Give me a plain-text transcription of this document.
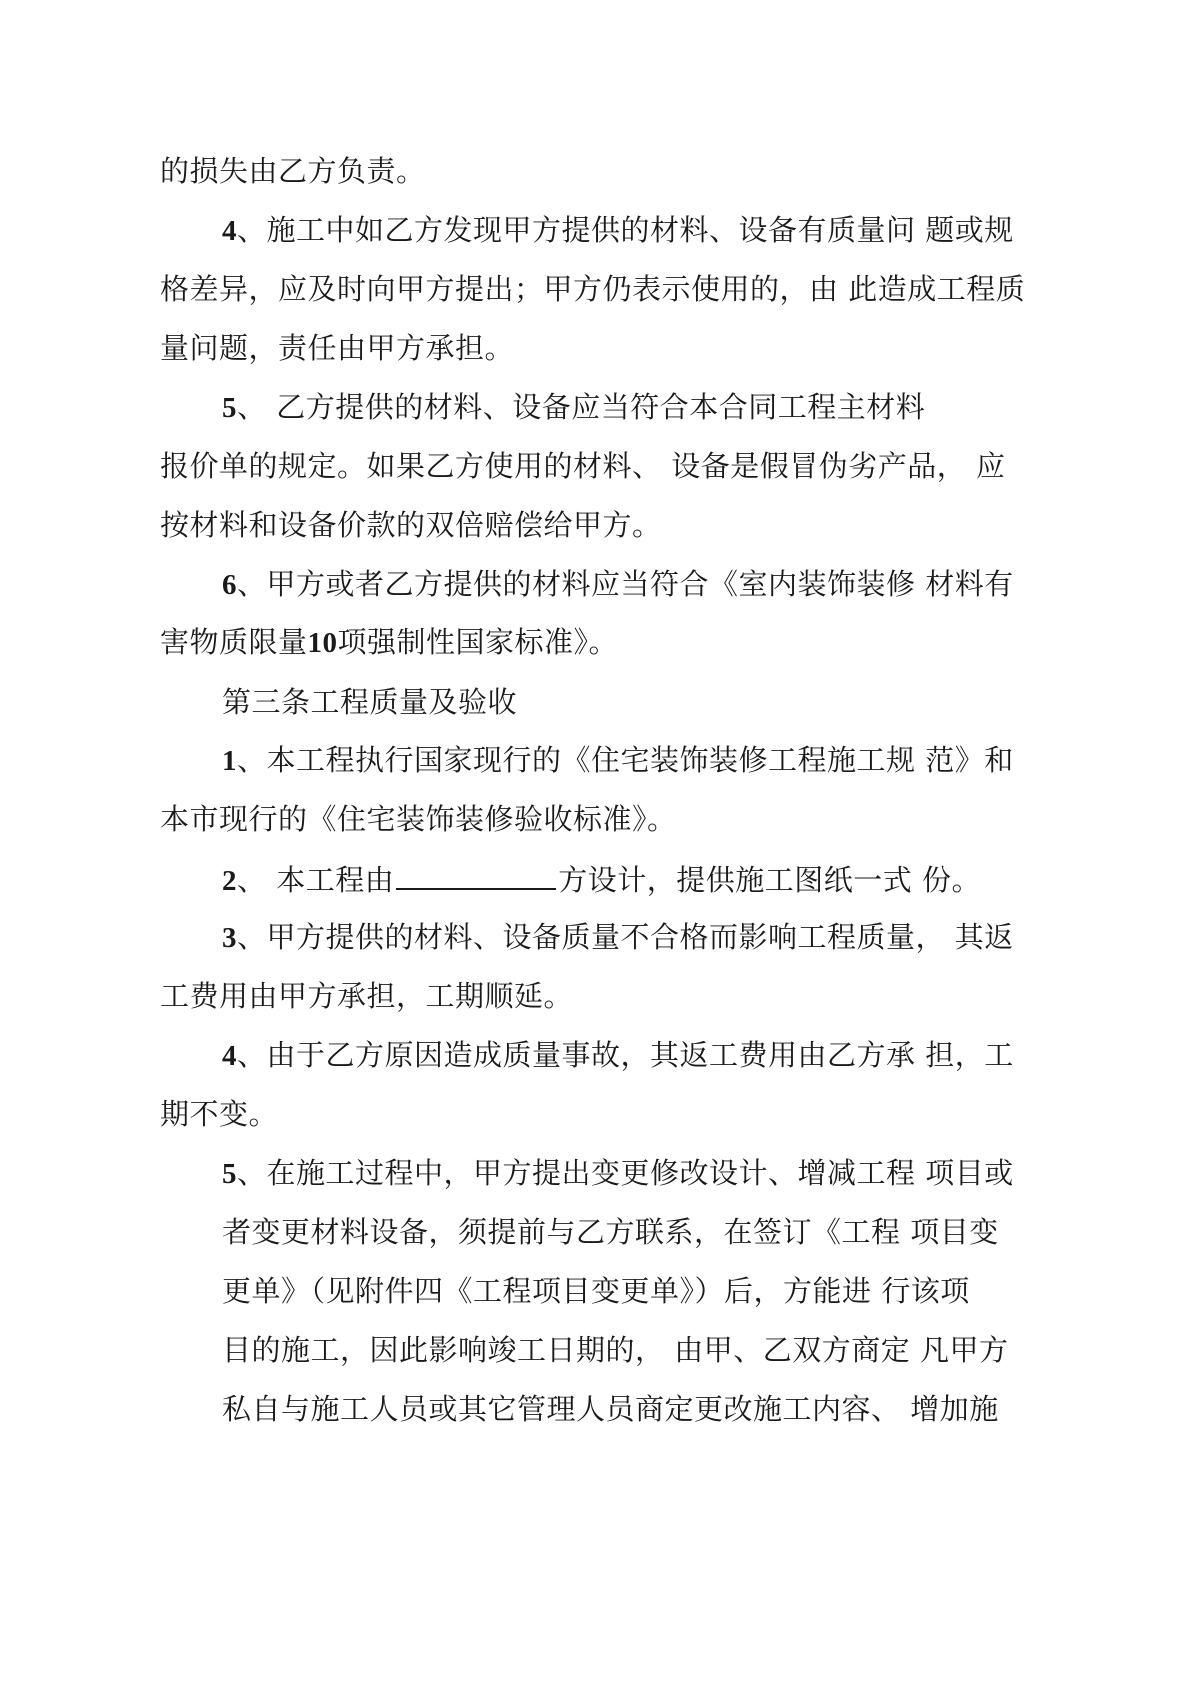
的损失由乙方负责。
4、施工中如乙方发现甲方提供的材料、设备有质量问 题或规
格差异，应及时向甲方提出；甲方仍表示使用的，由 此造成工程质
量问题，责任由甲方承担。
5、 乙方提供的材料、设备应当符合本合同工程主材料
报价单的规定。如果乙方使用的材料、 设备是假冒伪劣产品， 应
按材料和设备价款的双倍赔偿给甲方。
6、甲方或者乙方提供的材料应当符合《室内装饰装修 材料有
害物质限量10项强制性国家标准》。
第三条工程质量及验收
1、本工程执行国家现行的《住宅装饰装修工程施工规 范》和
本市现行的《住宅装饰装修验收标准》。
2、 本工程由	方设计，提供施工图纸一式 份。
3、甲方提供的材料、设备质量不合格而影响工程质量， 其返
工费用由甲方承担，工期顺延。
4、由于乙方原因造成质量事故，其返工费用由乙方承 担，工
期不变。
5、在施工过程中，甲方提出变更修改设计、增减工程 项目或
者变更材料设备，须提前与乙方联系，在签订《工程 项目变
更单》（见附件四《工程项目变更单》）后，方能进 行该项
目的施工，因此影响竣工日期的， 由甲、乙双方商定 凡甲方
私自与施工人员或其它管理人员商定更改施工内容、 增加施
